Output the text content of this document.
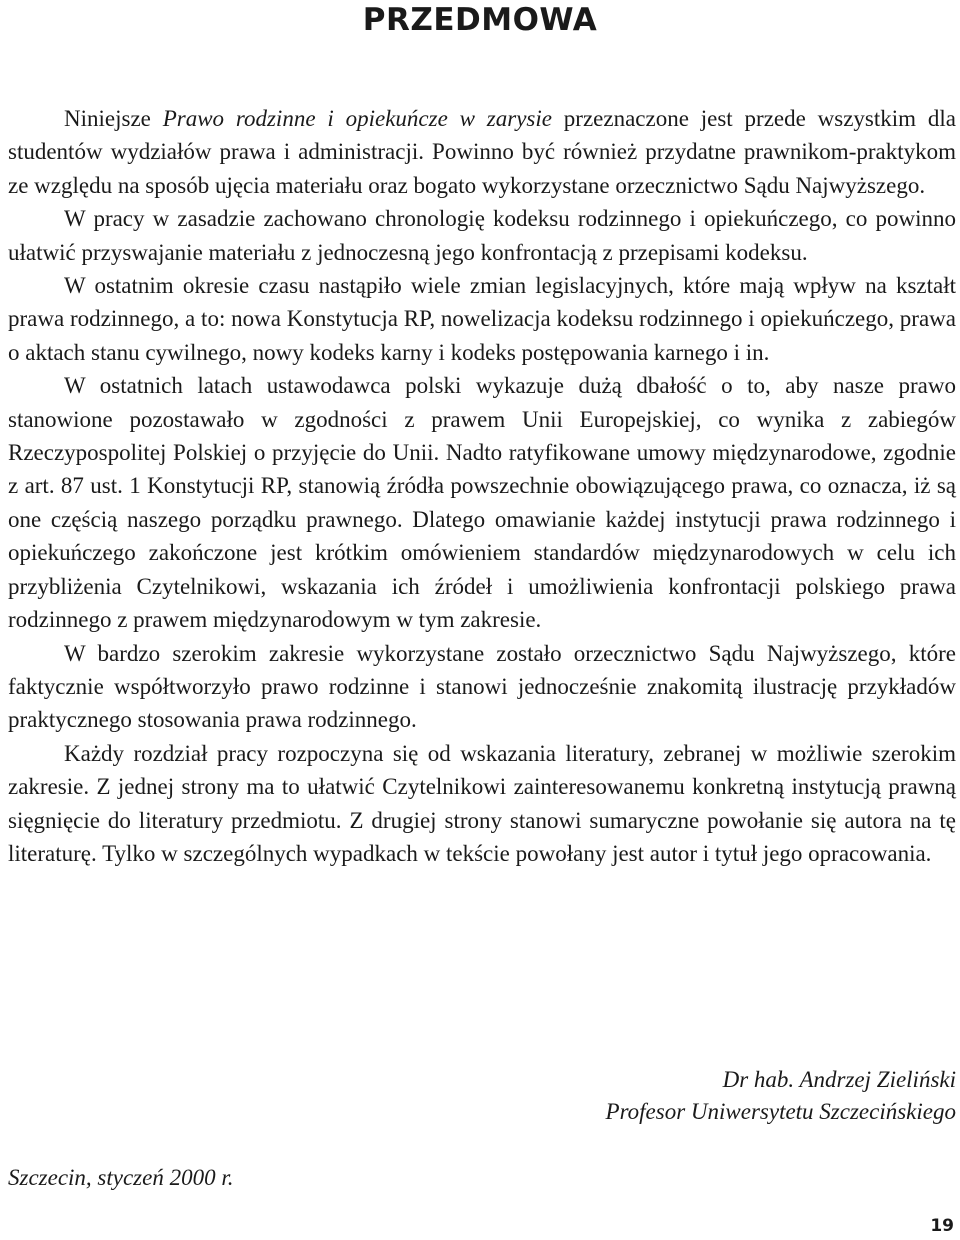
PRZEDMOWA

Niniejsze Prawo rodzinne i opiekuńcze w zarysie przeznaczone jest przede wszystkim dla studentów wydziałów prawa i administracji. Powinno być również przydatne prawnikom-praktykom ze względu na sposób ujęcia materiału oraz bogato wykorzystane orzecznictwo Sądu Najwyższego.

W pracy w zasadzie zachowano chronologię kodeksu rodzinnego i opiekuńczego, co powinno ułatwić przyswajanie materiału z jednoczesną jego konfrontacją z przepisami kodeksu.

W ostatnim okresie czasu nastąpiło wiele zmian legislacyjnych, które mają wpływ na kształt prawa rodzinnego, a to: nowa Konstytucja RP, nowelizacja kodeksu rodzinnego i opiekuńczego, prawa o aktach stanu cywilnego, nowy kodeks karny i kodeks postępowania karnego i in.

W ostatnich latach ustawodawca polski wykazuje dużą dbałość o to, aby nasze prawo stanowione pozostawało w zgodności z prawem Unii Europejskiej, co wynika z zabiegów Rzeczypospolitej Polskiej o przyjęcie do Unii. Nadto ratyfikowane umowy międzynarodowe, zgodnie z art. 87 ust. 1 Konstytucji RP, stanowią źródła powszechnie obowiązującego prawa, co oznacza, iż są one częścią naszego porządku prawnego. Dlatego omawianie każdej instytucji prawa rodzinnego i opiekuńczego zakończone jest krótkim omówieniem standardów międzynarodowych w celu ich przybliżenia Czytelnikowi, wskazania ich źródeł i umożliwienia konfrontacji polskiego prawa rodzinnego z prawem międzynarodowym w tym zakresie.

W bardzo szerokim zakresie wykorzystane zostało orzecznictwo Sądu Najwyższego, które faktycznie współtworzyło prawo rodzinne i stanowi jednocześnie znakomitą ilustrację przykładów praktycznego stosowania prawa rodzinnego.

Każdy rozdział pracy rozpoczyna się od wskazania literatury, zebranej w możliwie szerokim zakresie. Z jednej strony ma to ułatwić Czytelnikowi zainteresowanemu konkretną instytucją prawną sięgnięcie do literatury przedmiotu. Z drugiej strony stanowi sumaryczne powołanie się autora na tę literaturę. Tylko w szczególnych wypadkach w tekście powołany jest autor i tytuł jego opracowania.

Dr hab. Andrzej Zieliński
Profesor Uniwersytetu Szczecińskiego
Szczecin, styczeń 2000 r.
19
